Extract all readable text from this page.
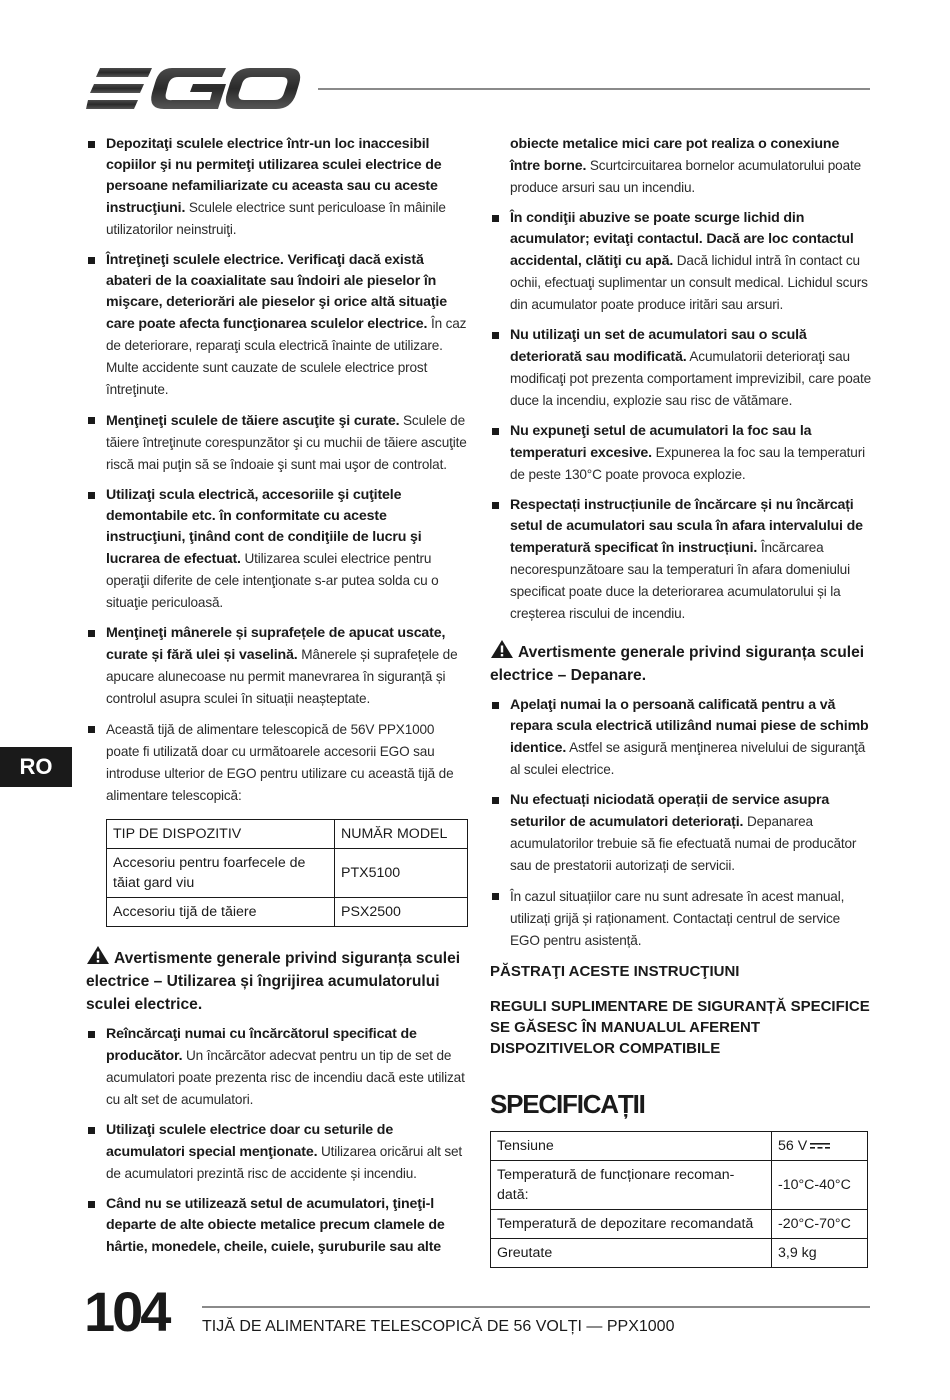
Depozitaţi sculele electrice într-un loc inaccesibil copiilor şi nu permiteţi utilizarea sculei electrice de persoane nefamiliarizate cu aceasta sau cu aceste instrucţiuni. Sculele electrice sunt periculoase în mâinile utilizatorilor neinstruiţi.

Întreţineţi sculele electrice. Verificaţi dacă există abateri de la coaxialitate sau îndoiri ale pieselor în mişcare, deteriorări ale pieselor şi orice altă situaţie care poate afecta funcţionarea sculelor electrice. În caz de deteriorare, reparaţi scula electrică înainte de utilizare. Multe accidente sunt cauzate de sculele electrice prost întreţinute.

Menţineţi sculele de tăiere ascuţite şi curate. Sculele de tăiere întreţinute corespunzător şi cu muchii de tăiere ascuţite riscă mai puţin să se îndoaie şi sunt mai uşor de controlat.

Utilizaţi scula electrică, accesoriile şi cuţitele demontabile etc. în conformitate cu aceste instrucţiuni, ţinând cont de condiţiile de lucru şi lucrarea de efectuat. Utilizarea sculei electrice pentru operaţii diferite de cele intenţionate s-ar putea solda cu o situaţie periculoasă.

Menţineţi mânerele și suprafețele de apucat uscate, curate și fără ulei și vaselină. Mânerele și suprafețele de apucare alunecoase nu permit manevrarea în siguranță și controlul asupra sculei în situații neașteptate.

Această tijă de alimentare telescopică de 56V PPX1000 poate fi utilizată doar cu următoarele accesorii EGO sau introduse ulterior de EGO pentru utilizare cu această tijă de alimentare telescopică:

TIP DE DISPOZITIV	NUMĂR MODEL
Accesoriu pentru foarfecele de tăiat gard viu	PTX5100
Accesoriu tijă de tăiere	PSX2500
Avertismente generale privind siguranța sculei electrice – Utilizarea și îngrijirea acumulatorului sculei electrice.

Reîncărcaţi numai cu încărcătorul specificat de producător. Un încărcător adecvat pentru un tip de set de acumulatori poate prezenta risc de incendiu dacă este utilizat cu alt set de acumulatori.

Utilizaţi sculele electrice doar cu seturile de acumulatori special menţionate. Utilizarea oricărui alt set de acumulatori prezintă risc de accidente și incendiu.

Când nu se utilizează setul de acumulatori, ţineţi-l departe de alte obiecte metalice precum clamele de hârtie, monedele, cheile, cuiele, şuruburile sau alte

obiecte metalice mici care pot realiza o conexiune între borne. Scurtcircuitarea bornelor acumulatorului poate produce arsuri sau un incendiu.

În condiţii abuzive se poate scurge lichid din acumulator; evitaţi contactul. Dacă are loc contactul accidental, clătiţi cu apă. Dacă lichidul intră în contact cu ochii, efectuaţi suplimentar un consult medical. Lichidul scurs din acumulator poate produce iritări sau arsuri.

Nu utilizaţi un set de acumulatori sau o sculă deteriorată sau modificată. Acumulatorii deterioraţi sau modificaţi pot prezenta comportament imprevizibil, care poate duce la incendiu, explozie sau risc de vătămare.

Nu expuneţi setul de acumulatori la foc sau la temperaturi excesive. Expunerea la foc sau la temperaturi de peste 130°C poate provoca explozie.

Respectați instrucțiunile de încărcare și nu încărcați setul de acumulatori sau scula în afara intervalului de temperatură specificat în instrucțiuni. Încărcarea necorespunzătoare sau la temperaturi în afara domeniului specificat poate duce la deteriorarea acumulatorului și la creșterea riscului de incendiu.

Avertismente generale privind siguranța sculei electrice – Depanare.

Apelaţi numai la o persoană calificată pentru a vă repara scula electrică utilizând numai piese de schimb identice. Astfel se asigură menţinerea nivelului de siguranţă al sculei electrice.

Nu efectuați niciodată operații de service asupra seturilor de acumulatori deteriorați. Depanarea acumulatorilor trebuie să fie efectuată numai de producător sau de prestatorii autorizați de servicii.

În cazul situațiilor care nu sunt adresate în acest manual, utilizați grijă și raționament. Contactați centrul de service EGO pentru asistență.

PĂSTRAŢI ACESTE INSTRUCŢIUNI
REGULI SUPLIMENTARE DE SIGURANȚĂ SPECIFICE SE GĂSESC ÎN MANUALUL AFERENT DISPOZITIVELOR COMPATIBILE
SPECIFICAȚII
Tensiune	56 V
Temperatură de funcționare recoman-dată:	-10°C-40°C
Temperatură de depozitare recomandată	-20°C-70°C
Greutate	3,9 kg
RO
104 TIJĂ DE ALIMENTARE TELESCOPICĂ DE 56 VOLȚI — PPX1000
